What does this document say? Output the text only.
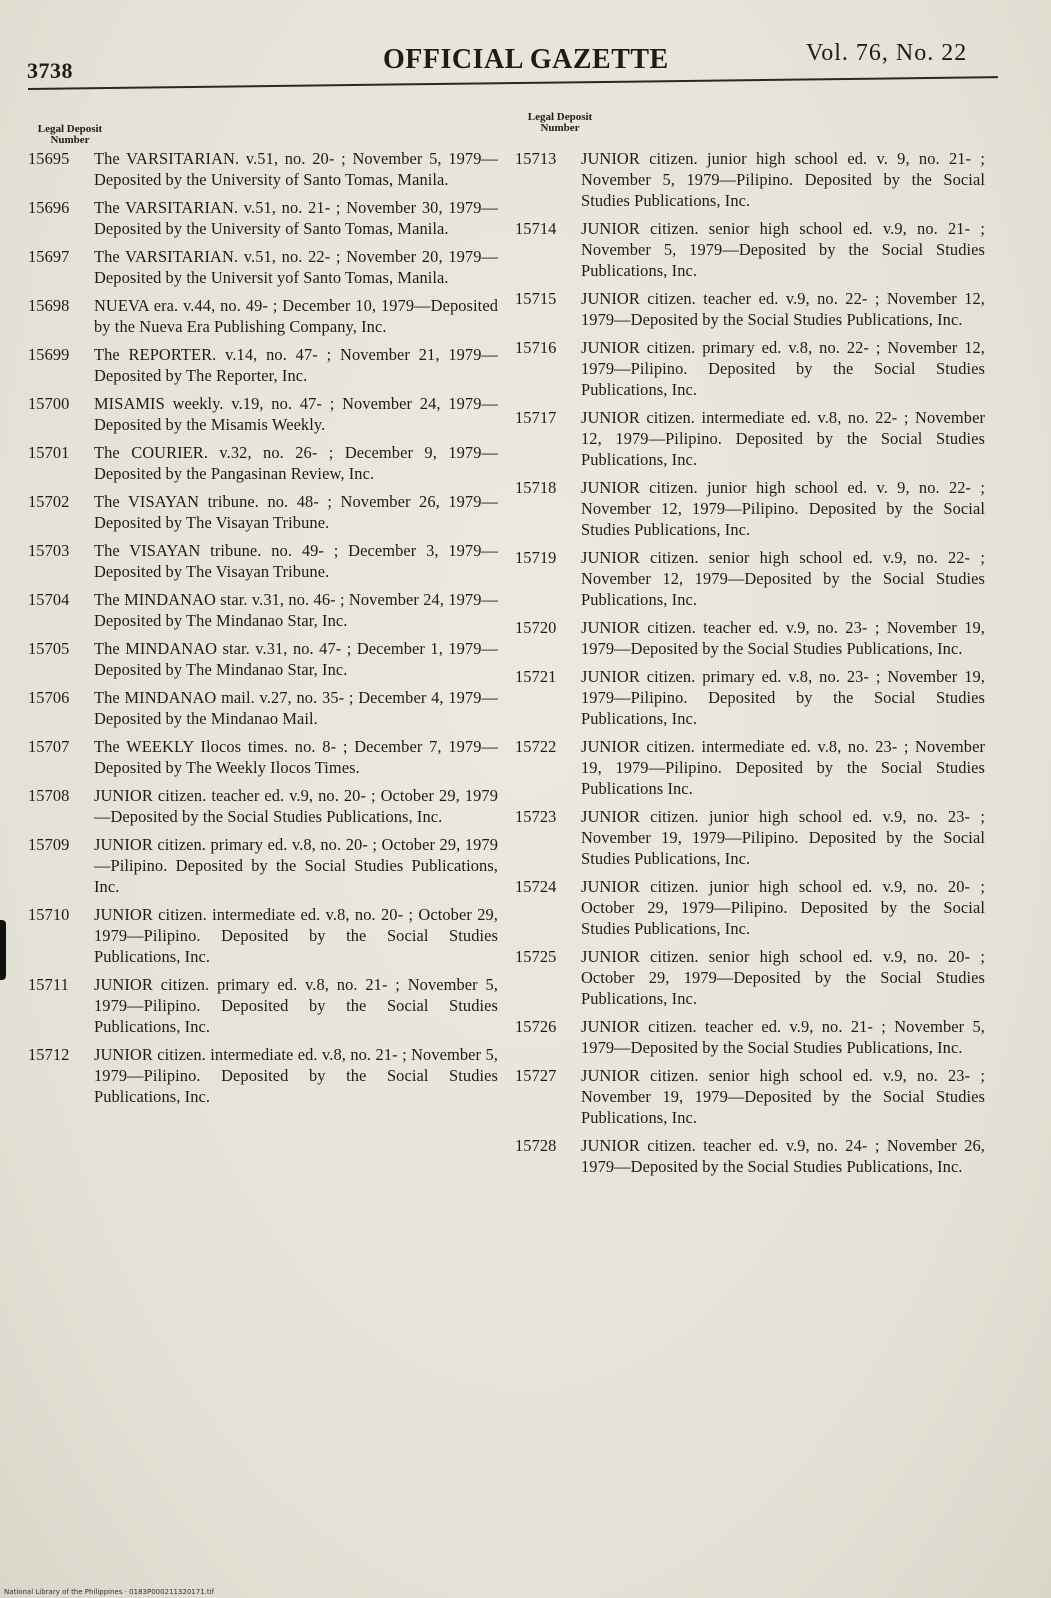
3738	OFFICIAL GAZETTE	Vol. 76, No. 22
Legal Deposit
Number
Legal Deposit
Number
15695	The VARSITARIAN. v.51, no. 20- ; November 5, 1979—Deposited by the University of Santo Tomas, Manila.
15696	The VARSITARIAN. v.51, no. 21- ; November 30, 1979—Deposited by the University of Santo Tomas, Manila.
15697	The VARSITARIAN. v.51, no. 22- ; November 20, 1979—Deposited by the Universit yof Santo Tomas, Manila.
15698	NUEVA era. v.44, no. 49- ; December 10, 1979—Deposited by the Nueva Era Publishing Company, Inc.
15699	The REPORTER. v.14, no. 47- ; November 21, 1979—Deposited by The Reporter, Inc.
15700	MISAMIS weekly. v.19, no. 47- ; November 24, 1979—Deposited by the Misamis Weekly.
15701	The COURIER. v.32, no. 26- ; December 9, 1979—Deposited by the Pangasinan Review, Inc.
15702	The VISAYAN tribune. no. 48- ; November 26, 1979—Deposited by The Visayan Tribune.
15703	The VISAYAN tribune. no. 49- ; December 3, 1979—Deposited by The Visayan Tribune.
15704	The MINDANAO star. v.31, no. 46- ; November 24, 1979—Deposited by The Mindanao Star, Inc.
15705	The MINDANAO star. v.31, no. 47- ; December 1, 1979—Deposited by The Mindanao Star, Inc.
15706	The MINDANAO mail. v.27, no. 35- ; December 4, 1979—Deposited by the Mindanao Mail.
15707	The WEEKLY Ilocos times. no. 8- ; December 7, 1979—Deposited by The Weekly Ilocos Times.
15708	JUNIOR citizen. teacher ed. v.9, no. 20- ; October 29, 1979—Deposited by the Social Studies Publications, Inc.
15709	JUNIOR citizen. primary ed. v.8, no. 20- ; October 29, 1979—Pilipino. Deposited by the Social Studies Publications, Inc.
15710	JUNIOR citizen. intermediate ed. v.8, no. 20- ; October 29, 1979—Pilipino. Deposited by the Social Studies Publications, Inc.
15711	JUNIOR citizen. primary ed. v.8, no. 21- ; November 5, 1979—Pilipino. Deposited by the Social Studies Publications, Inc.
15712	JUNIOR citizen. intermediate ed. v.8, no. 21- ; November 5, 1979—Pilipino. Deposited by the Social Studies Publications, Inc.
15713	JUNIOR citizen. junior high school ed. v. 9, no. 21- ; November 5, 1979—Pilipino. Deposited by the Social Studies Publications, Inc.
15714	JUNIOR citizen. senior high school ed. v.9, no. 21- ; November 5, 1979—Deposited by the Social Studies Publications, Inc.
15715	JUNIOR citizen. teacher ed. v.9, no. 22- ; November 12, 1979—Deposited by the Social Studies Publications, Inc.
15716	JUNIOR citizen. primary ed. v.8, no. 22- ; November 12, 1979—Pilipino. Deposited by the Social Studies Publications, Inc.
15717	JUNIOR citizen. intermediate ed. v.8, no. 22- ; November 12, 1979—Pilipino. Deposited by the Social Studies Publications, Inc.
15718	JUNIOR citizen. junior high school ed. v. 9, no. 22- ; November 12, 1979—Pilipino. Deposited by the Social Studies Publications, Inc.
15719	JUNIOR citizen. senior high school ed. v.9, no. 22- ; November 12, 1979—Deposited by the Social Studies Publications, Inc.
15720	JUNIOR citizen. teacher ed. v.9, no. 23- ; November 19, 1979—Deposited by the Social Studies Publications, Inc.
15721	JUNIOR citizen. primary ed. v.8, no. 23- ; November 19, 1979—Pilipino. Deposited by the Social Studies Publications, Inc.
15722	JUNIOR citizen. intermediate ed. v.8, no. 23- ; November 19, 1979—Pilipino. Deposited by the Social Studies Publications Inc.
15723	JUNIOR citizen. junior high school ed. v.9, no. 23- ; November 19, 1979—Pilipino. Deposited by the Social Studies Publications, Inc.
15724	JUNIOR citizen. junior high school ed. v.9, no. 20- ; October 29, 1979—Pilipino. Deposited by the Social Studies Publications, Inc.
15725	JUNIOR citizen. senior high school ed. v.9, no. 20- ; October 29, 1979—Deposited by the Social Studies Publications, Inc.
15726	JUNIOR citizen. teacher ed. v.9, no. 21- ; November 5, 1979—Deposited by the Social Studies Publications, Inc.
15727	JUNIOR citizen. senior high school ed. v.9, no. 23- ; November 19, 1979—Deposited by the Social Studies Publications, Inc.
15728	JUNIOR citizen. teacher ed. v.9, no. 24- ; November 26, 1979—Deposited by the Social Studies Publications, Inc.
National Library of the Philippines · 0183P000211320171.tif
